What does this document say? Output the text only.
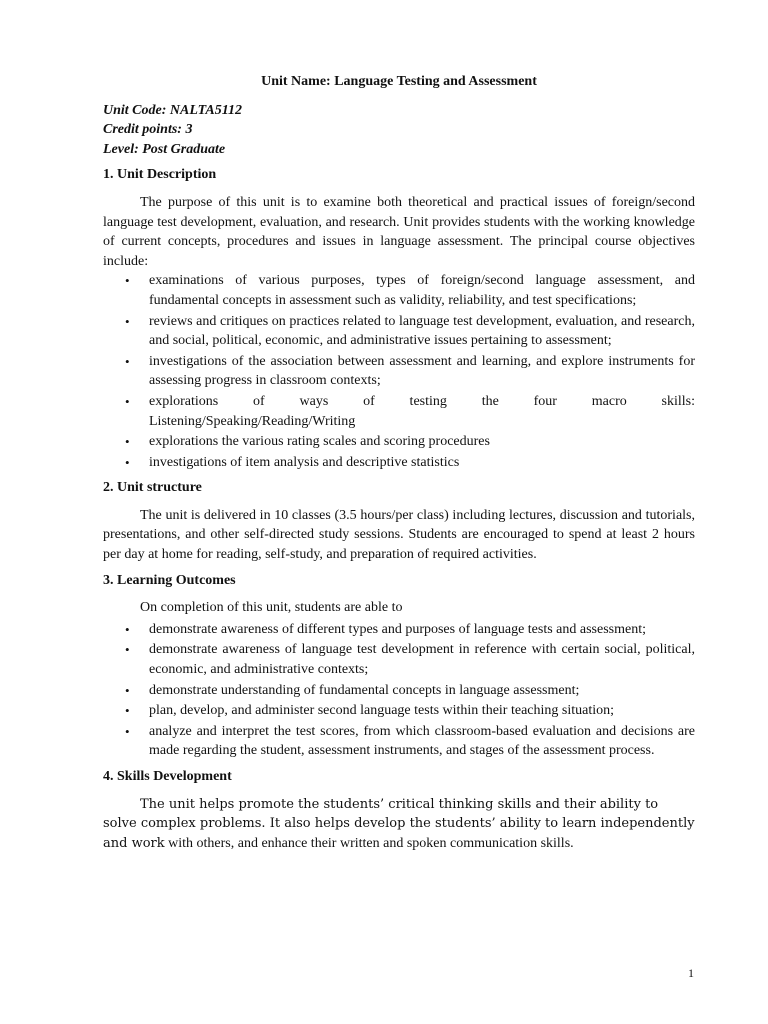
Unit Name: Language Testing and Assessment

Unit Code: NALTA5112

Credit points: 3

Level: Post Graduate

1. Unit Description

The purpose of this unit is to examine both theoretical and practical issues of foreign/second language test development, evaluation, and research. Unit provides students with the working knowledge of current concepts, procedures and issues in language assessment. The principal course objectives include:

• examinations of various purposes, types of foreign/second language assessment, and fundamental concepts in assessment such as validity, reliability, and test specifications;
• reviews and critiques on practices related to language test development, evaluation, and research, and social, political, economic, and administrative issues pertaining to assessment;
• investigations of the association between assessment and learning, and explore instruments for assessing progress in classroom contexts;
• explorations of ways of testing the four macro skills:
Listening/Speaking/Reading/Writing
• explorations the various rating scales and scoring procedures
• investigations of item analysis and descriptive statistics
2. Unit structure

The unit is delivered in 10 classes (3.5 hours/per class) including lectures, discussion and tutorials, presentations, and other self-directed study sessions. Students are encouraged to spend at least 2 hours per day at home for reading, self-study, and preparation of required activities.

3. Learning Outcomes

On completion of this unit, students are able to

• demonstrate awareness of different types and purposes of language tests and assessment;
• demonstrate awareness of language test development in reference with certain social, political, economic, and administrative contexts;
• demonstrate understanding of fundamental concepts in language assessment;
• plan, develop, and administer second language tests within their teaching situation;
• analyze and interpret the test scores, from which classroom-based evaluation and decisions are made regarding the student, assessment instruments, and stages of the assessment process.
4. Skills Development

The unit helps promote the students’ critical thinking skills and their ability to solve complex problems. It also helps develop the students’ ability to learn independently and work with others, and enhance their written and spoken communication skills.

1
